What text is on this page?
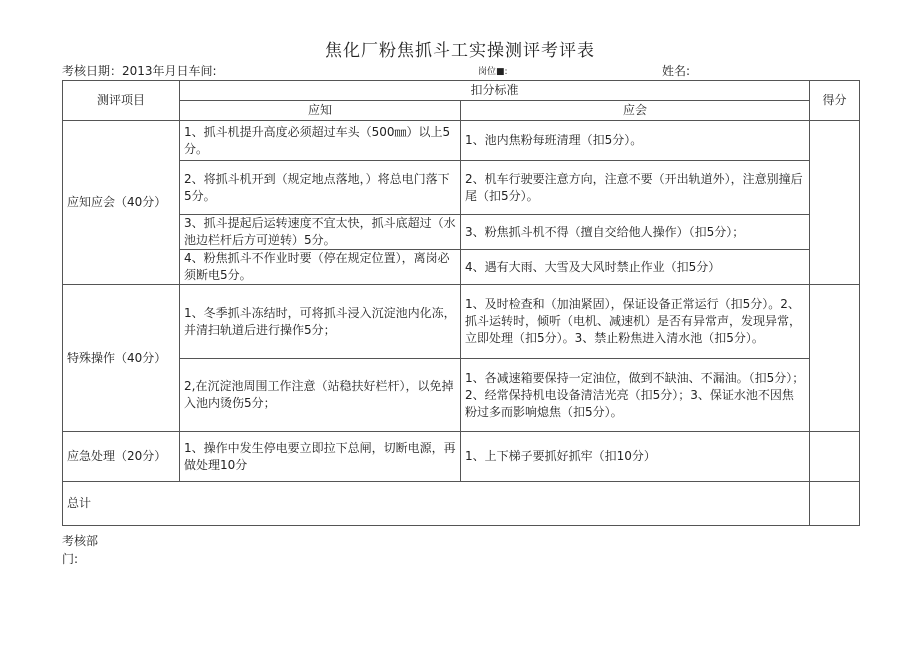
焦化厂粉焦抓斗工实操测评考评表
考核日期：2013年月日车间:	岗位■:	姓名:
测评项目	扣分标准		得分
	应知	应会	
应知应会（40分）	1、抓斗机提升高度必须超过车头（500㎜）以上5分。	1、池内焦粉每班清理（扣5分）。	
	2、将抓斗机开到（规定地点落地，）将总电门落下5分。	2、机车行驶要注意方向，注意不要（开出轨道外），注意别撞后尾（扣5分）。	
	3、抓斗提起后运转速度不宜太快，抓斗底超过（水池边栏杆后方可逆转）5分。	3、粉焦抓斗机不得（擅自交给他人操作）（扣5分）；	
	4、粉焦抓斗不作业时要（停在规定位置），离岗必须断电5分。	4、遇有大雨、大雪及大风时禁止作业（扣5分）	
特殊操作（40分）	1、冬季抓斗冻结时，可将抓斗浸入沉淀池内化冻，并清扫轨道后进行操作5分；	1、及时检查和（加油紧固），保证设备正常运行（扣5分）。2、抓斗运转时，倾听（电机、减速机）是否有异常声，发现异常，立即处理（扣5分）。3、禁止粉焦进入清水池（扣5分）。	
	2,在沉淀池周围工作注意（站稳扶好栏杆），以免掉入池内烫伤5分；	1、各减速箱要保持一定油位，做到不缺油、不漏油。（扣5分）；2、经常保持机电设备清洁光亮（扣5分）；3、保证水池不因焦粉过多而影响熄焦（扣5分）。	
应急处理（20分）	1、操作中发生停电要立即拉下总闸，切断电源，再做处理10分	1、上下梯子要抓好抓牢（扣10分）	
总计			
考核部
门:
